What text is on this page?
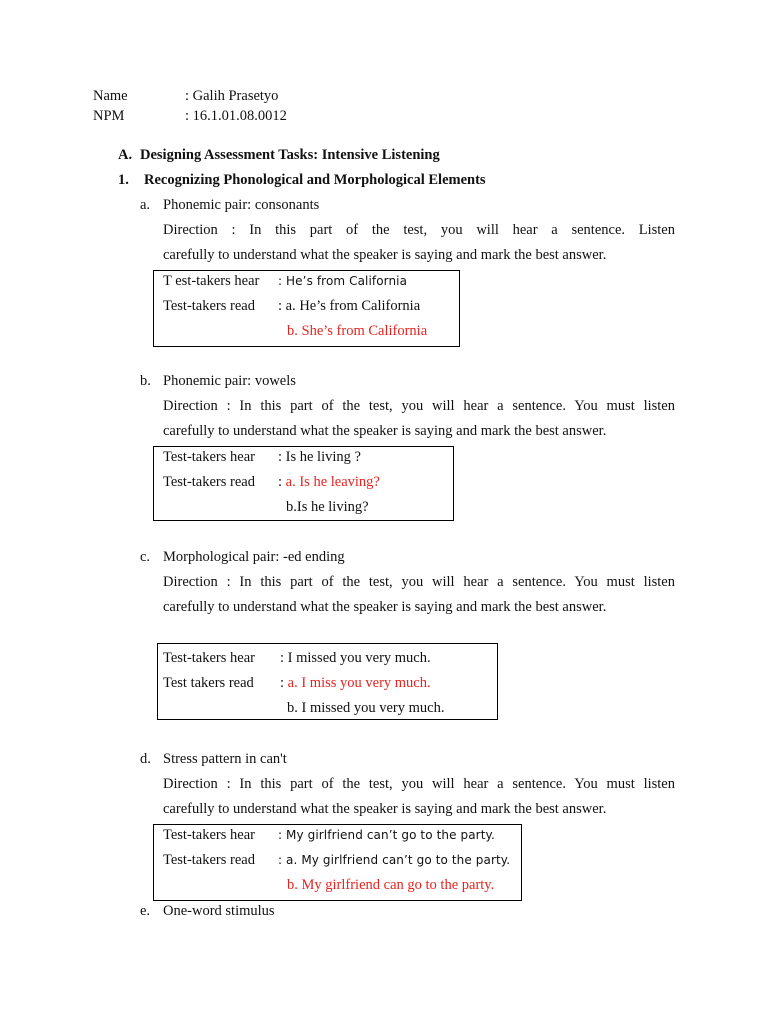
Name	: Galih Prasetyo
NPM	: 16.1.01.08.0012
A. Designing Assessment Tasks: Intensive Listening
1. Recognizing Phonological and Morphological Elements
a. Phonemic pair: consonants
Direction : In this part of the test, you will hear a sentence. Listen
carefully to understand what the speaker is saying and mark the best answer.
T est-takers hear : He’s from California
Test-takers read : a. He’s from California
b. She’s from California
b. Phonemic pair: vowels
Direction : In this part of the test, you will hear a sentence. You must listen
carefully to understand what the speaker is saying and mark the best answer.
Test-takers hear : Is he living ?
Test-takers read : a. Is he leaving?
b.Is he living?
c. Morphological pair: -ed ending
Direction : In this part of the test, you will hear a sentence. You must listen
carefully to understand what the speaker is saying and mark the best answer.
Test-takers hear : I missed you very much.
Test takers read : a. I miss you very much.
b. I missed you very much.
d. Stress pattern in can't
Direction : In this part of the test, you will hear a sentence. You must listen
carefully to understand what the speaker is saying and mark the best answer.
Test-takers hear : My girlfriend can’t go to the party.
Test-takers read : a. My girlfriend can’t go to the party.
b. My girlfriend can go to the party.
e. One-word stimulus
